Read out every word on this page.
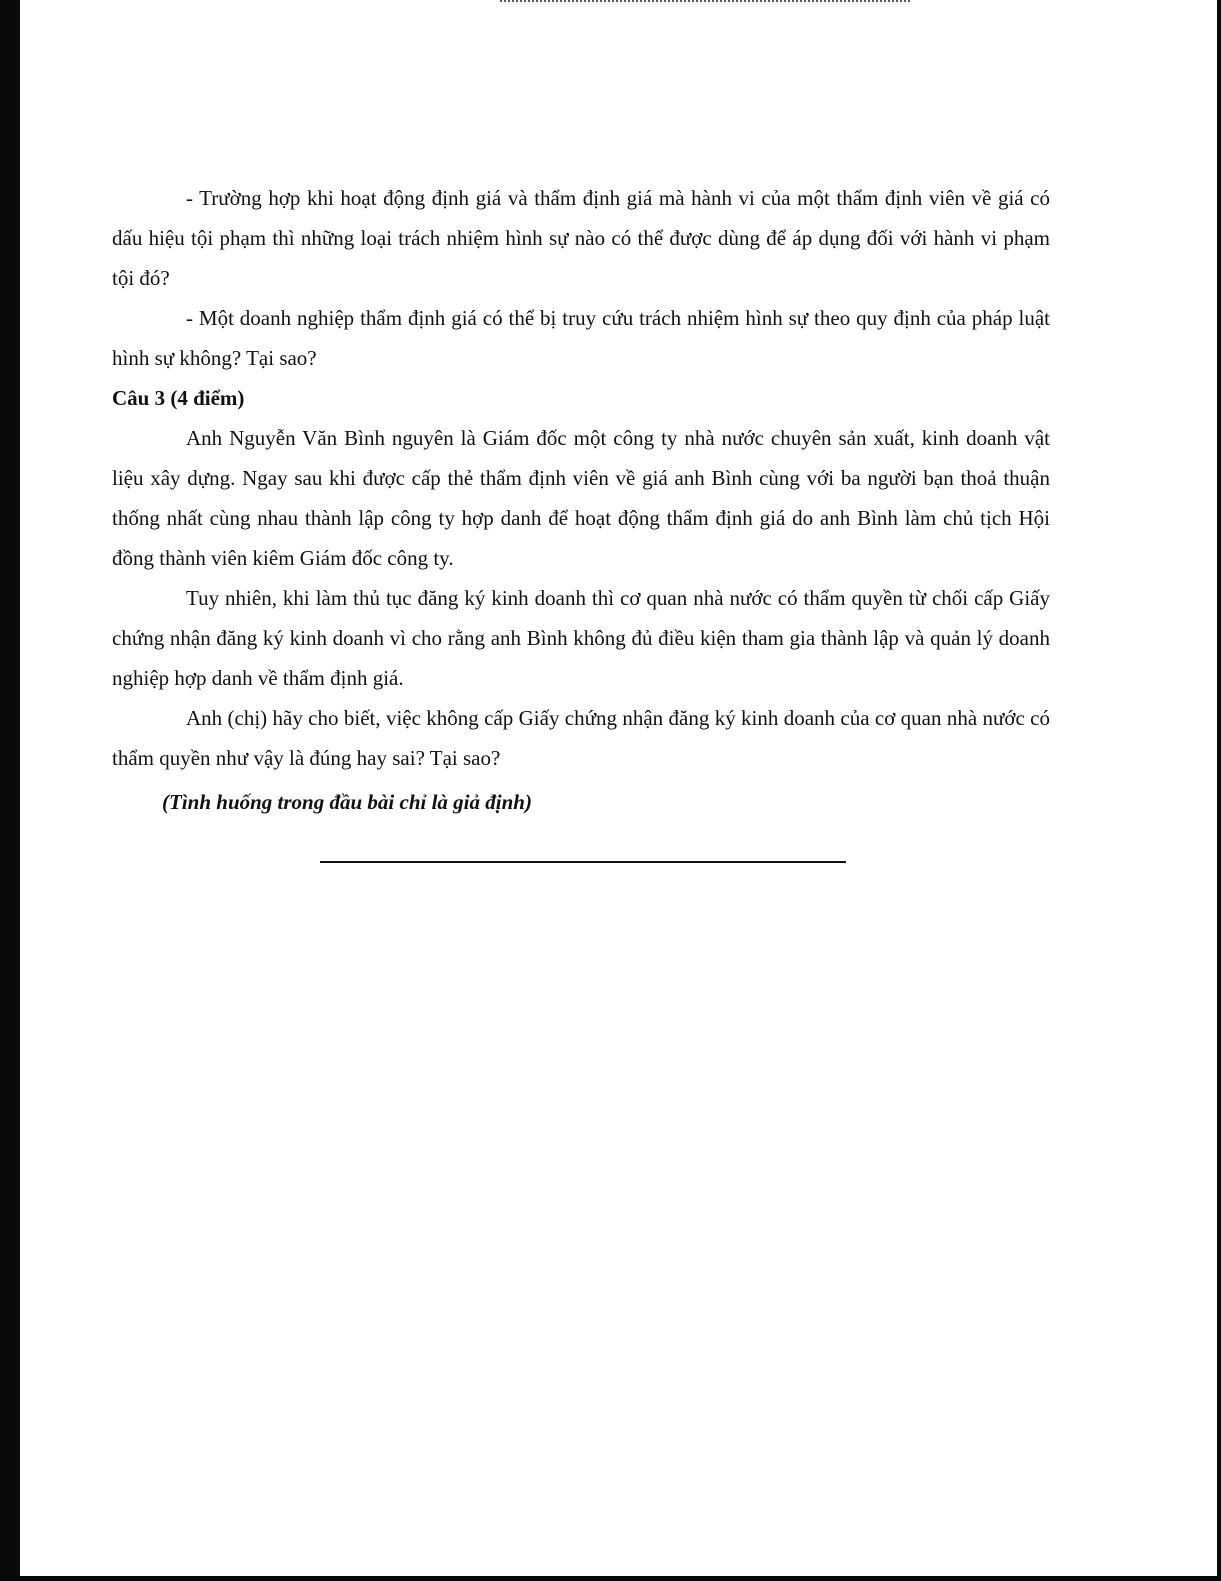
- Trường hợp khi hoạt động định giá và thẩm định giá mà hành vi của một thẩm định viên về giá có dấu hiệu tội phạm thì những loại trách nhiệm hình sự nào có thể được dùng để áp dụng đối với hành vi phạm tội đó?

- Một doanh nghiệp thẩm định giá có thể bị truy cứu trách nhiệm hình sự theo quy định của pháp luật hình sự không? Tại sao?

Câu 3 (4 điểm)

Anh Nguyễn Văn Bình nguyên là Giám đốc một công ty nhà nước chuyên sản xuất, kinh doanh vật liệu xây dựng. Ngay sau khi được cấp thẻ thẩm định viên về giá anh Bình cùng với ba người bạn thoả thuận thống nhất cùng nhau thành lập công ty hợp danh để hoạt động thẩm định giá do anh Bình làm chủ tịch Hội đồng thành viên kiêm Giám đốc công ty.

Tuy nhiên, khi làm thủ tục đăng ký kinh doanh thì cơ quan nhà nước có thẩm quyền từ chối cấp Giấy chứng nhận đăng ký kinh doanh vì cho rằng anh Bình không đủ điều kiện tham gia thành lập và quản lý doanh nghiệp hợp danh về thẩm định giá.

Anh (chị) hãy cho biết, việc không cấp Giấy chứng nhận đăng ký kinh doanh của cơ quan nhà nước có thẩm quyền như vậy là đúng hay sai? Tại sao?

(Tình huống trong đầu bài chỉ là giả định)
